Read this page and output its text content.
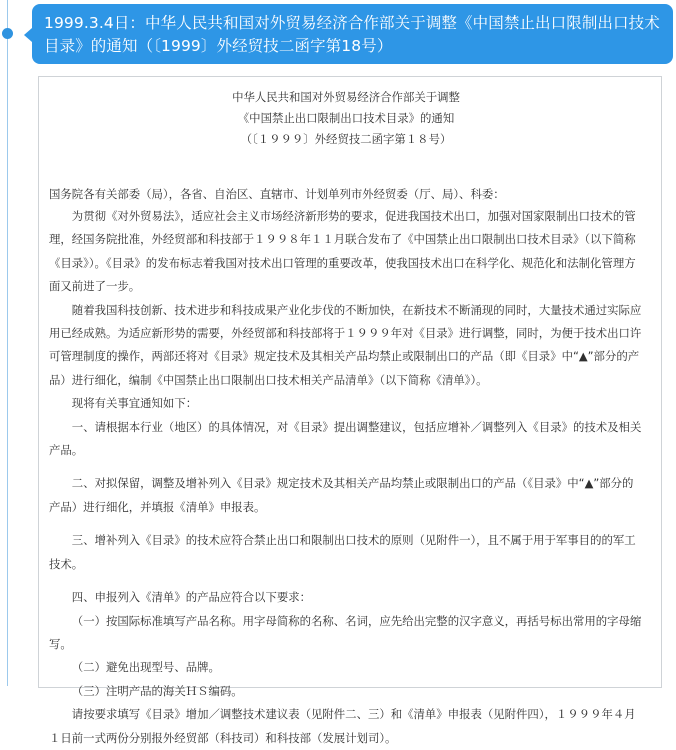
1999.3.4日：中华人民共和国对外贸易经济合作部关于调整《中国禁止出口限制出口技术目录》的通知（〔1999〕外经贸技二函字第18号）
中华人民共和国对外贸易经济合作部关于调整
《中国禁止出口限制出口技术目录》的通知
（〔１９９９〕外经贸技二函字第１８号）
国务院各有关部委（局），各省、自治区、直辖市、计划单列市外经贸委（厅、局）、科委：

为贯彻《对外贸易法》，适应社会主义市场经济新形势的要求，促进我国技术出口，加强对国家限制出口技术的管理，经国务院批准，外经贸部和科技部于１９９８年１１月联合发布了《中国禁止出口限制出口技术目录》（以下简称《目录》）。《目录》的发布标志着我国对技术出口管理的重要改革，使我国技术出口在科学化、规范化和法制化管理方面又前进了一步。

随着我国科技创新、技术进步和科技成果产业化步伐的不断加快，在新技术不断涌现的同时，大量技术通过实际应用已经成熟。为适应新形势的需要，外经贸部和科技部将于１９９９年对《目录》进行调整，同时，为便于技术出口许可管理制度的操作，两部还将对《目录》规定技术及其相关产品均禁止或限制出口的产品（即《目录》中“▲”部分的产品）进行细化，编制《中国禁止出口限制出口技术相关产品清单》（以下简称《清单》）。

现将有关事宜通知如下：

一、请根据本行业（地区）的具体情况，对《目录》提出调整建议，包括应增补／调整列入《目录》的技术及相关产品。

二、对拟保留，调整及增补列入《目录》规定技术及其相关产品均禁止或限制出口的产品（《目录》中“▲”部分的产品）进行细化，并填报《清单》申报表。

三、增补列入《目录》的技术应符合禁止出口和限制出口技术的原则（见附件一），且不属于用于军事目的的军工技术。

四、申报列入《清单》的产品应符合以下要求：

（一）按国际标准填写产品名称。用字母简称的名称、名词，应先给出完整的汉字意义，再括号标出常用的字母缩写。

（二）避免出现型号、品牌。

（三）注明产品的海关ＨＳ编码。

请按要求填写《目录》增加／调整技术建议表（见附件二、三）和《清单》申报表（见附件四），１９９９年４月１日前一式两份分别报外经贸部（科技司）和科技部（发展计划司）。
